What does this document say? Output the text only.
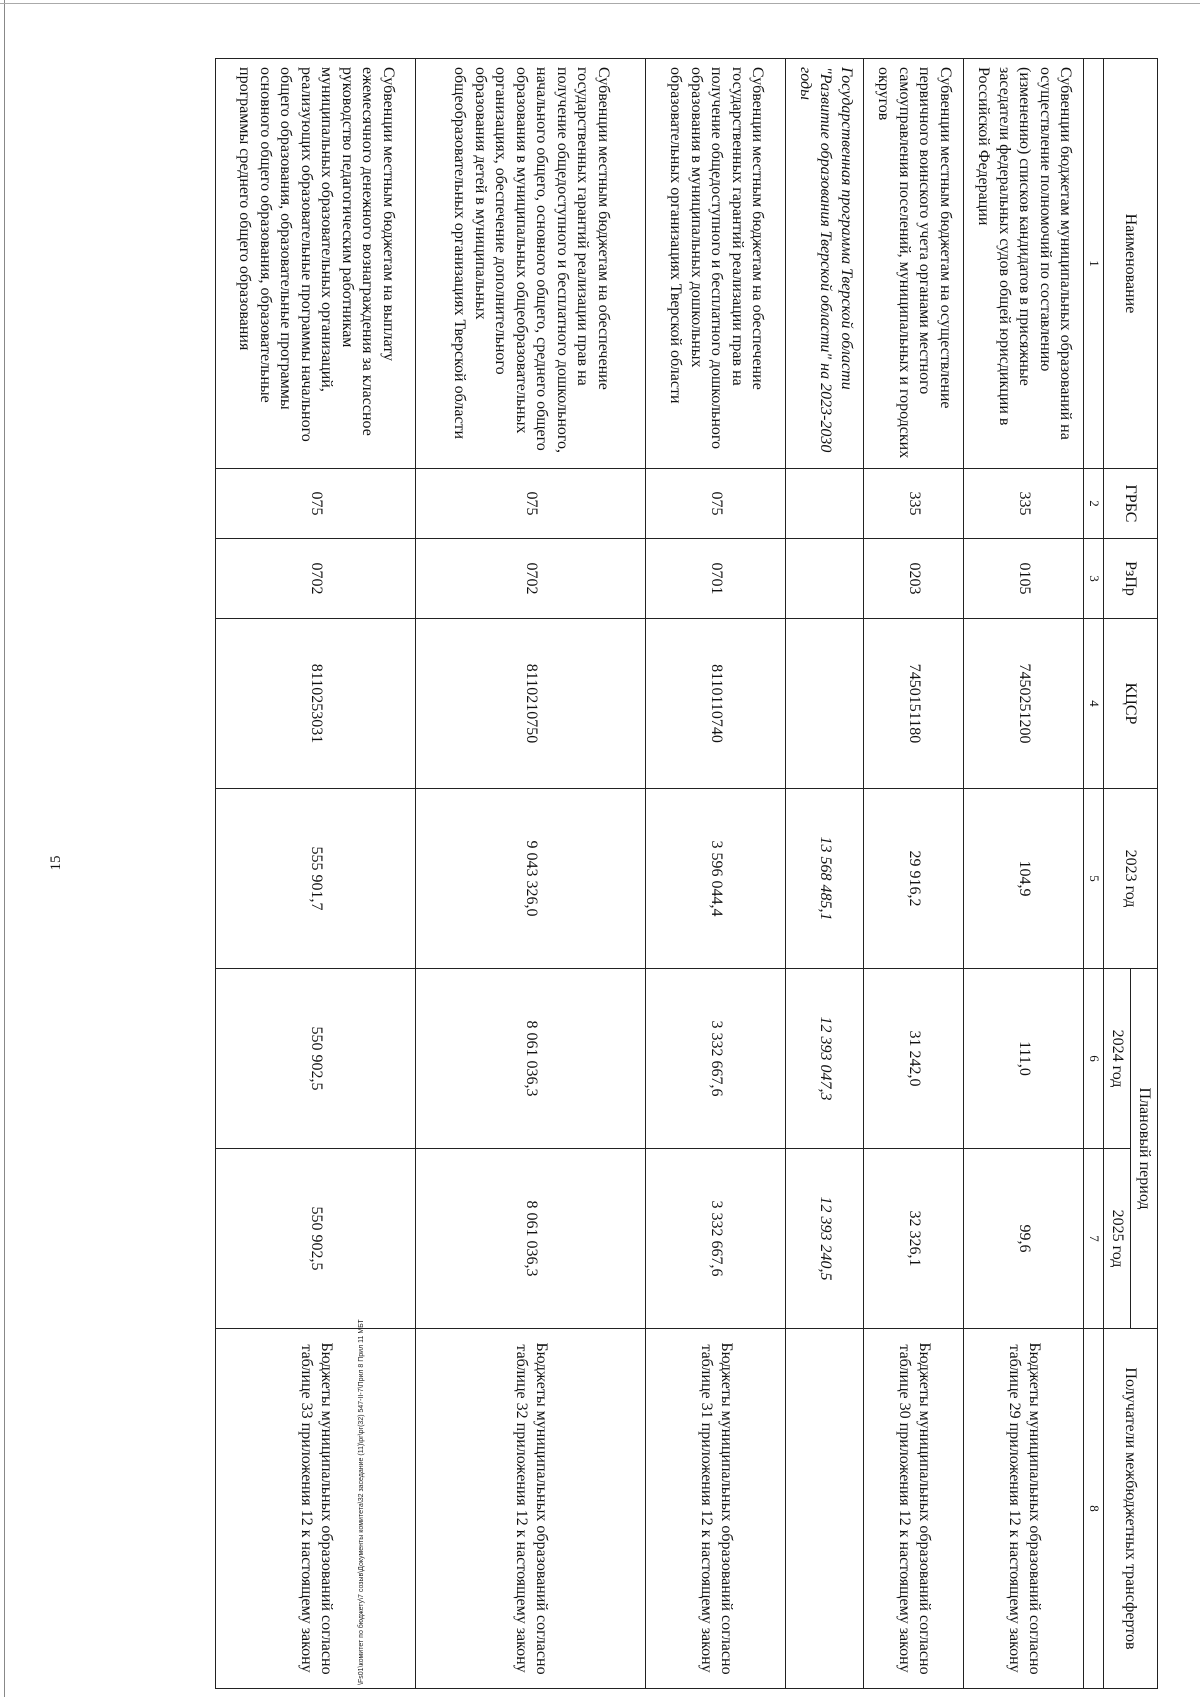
15
Наименование	ГРБС	РзПр	КЦСР	2023 год	Плановый период		Получатели межбюджетных трансфертов
					2024 год	2025 год	
1	2	3	4	5	6	7	8
Субвенции бюджетам муниципальных образований на осуществление полномочий по составлению (изменению) списков кандидатов в присяжные заседатели федеральных судов общей юрисдикции в Российской Федерации	335	0105	7450251200	104,9	111,0	99,6	Бюджеты муниципальных образований согласно таблице 29 приложения 12 к настоящему закону
Субвенции местным бюджетам на осуществление первичного воинского учета органами местного самоуправления поселений, муниципальных и городских округов	335	0203	7450151180	29 916,2	31 242,0	32 326,1	Бюджеты муниципальных образований согласно таблице 30 приложения 12 к настоящему закону
Государственная программа Тверской области "Развитие образования Тверской области" на 2023-2030 годы				13 568 485,1	12 393 047,3	12 393 240,5	
Субвенции местным бюджетам на обеспечение государственных гарантий реализации прав на получение общедоступного и бесплатного дошкольного образования в муниципальных дошкольных образовательных организациях Тверской области	075	0701	8110110740	3 596 044,4	3 332 667,6	3 332 667,6	Бюджеты муниципальных образований согласно таблице 31 приложения 12 к настоящему закону
Субвенции местным бюджетам на обеспечение государственных гарантий реализации прав на получение общедоступного и бесплатного дошкольного, начального общего, основного общего, среднего общего образования в муниципальных общеобразовательных организациях, обеспечение дополнительного образования детей в муниципальных общеобразовательных организациях Тверской области	075	0702	8110210750	9 043 326,0	8 061 036,3	8 061 036,3	Бюджеты муниципальных образований согласно таблице 32 приложения 12 к настоящему закону
Субвенции местным бюджетам на выплату ежемесячного денежного вознаграждения за классное руководство педагогическим работникам муниципальных образовательных организаций, реализующих образовательные программы начального общего образования, образовательные программы основного общего образования, образовательные программы среднего общего образования	075	0702	8110253031	555 901,7	550 902,5	550 902,5	Бюджеты муниципальных образований согласно таблице 33 приложения 12 к настоящему закону	\Fs01\комитет по бюджету\7 созыв\Документы комитета\32 заседание (11)\рг\рг(32) 547-II-7\Прил 8 Прил 11 МБТ
